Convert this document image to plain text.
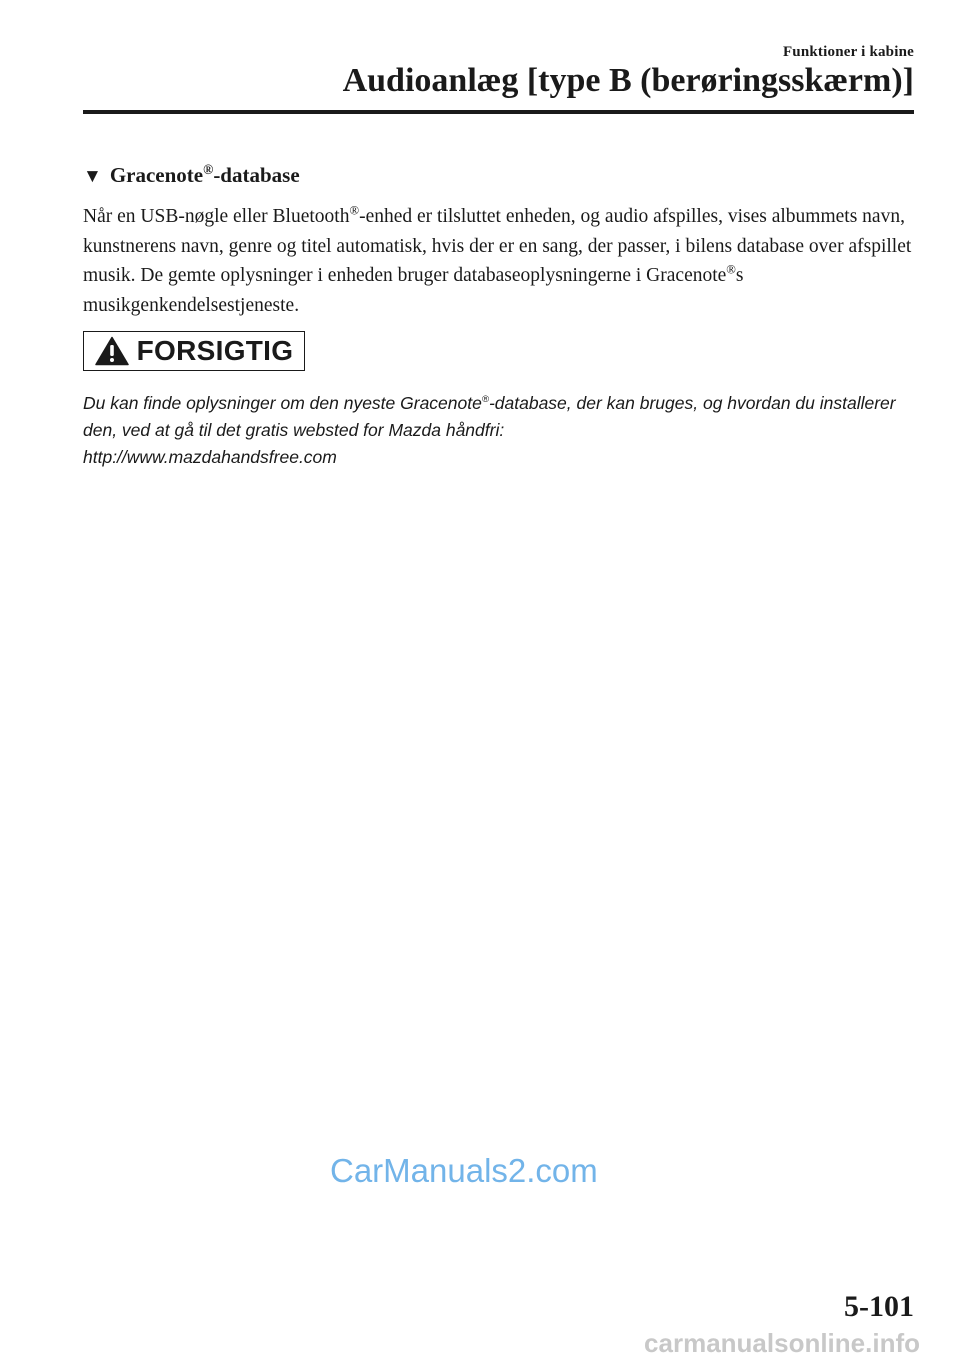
Funktioner i kabine
Audioanlæg [type B (berøringsskærm)]
▼ Gracenote®-database
Når en USB-nøgle eller Bluetooth®-enhed er tilsluttet enheden, og audio afspilles, vises albummets navn, kunstnerens navn, genre og titel automatisk, hvis der er en sang, der passer, i bilens database over afspillet musik. De gemte oplysninger i enheden bruger databaseoplysningerne i Gracenote®s musikgenkendelsestjeneste.
FORSIGTIG
Du kan finde oplysninger om den nyeste Gracenote®-database, der kan bruges, og hvordan du installerer den, ved at gå til det gratis websted for Mazda håndfri:
http://www.mazdahandsfree.com
CarManuals2.com
5-101
carmanualsonline.info
